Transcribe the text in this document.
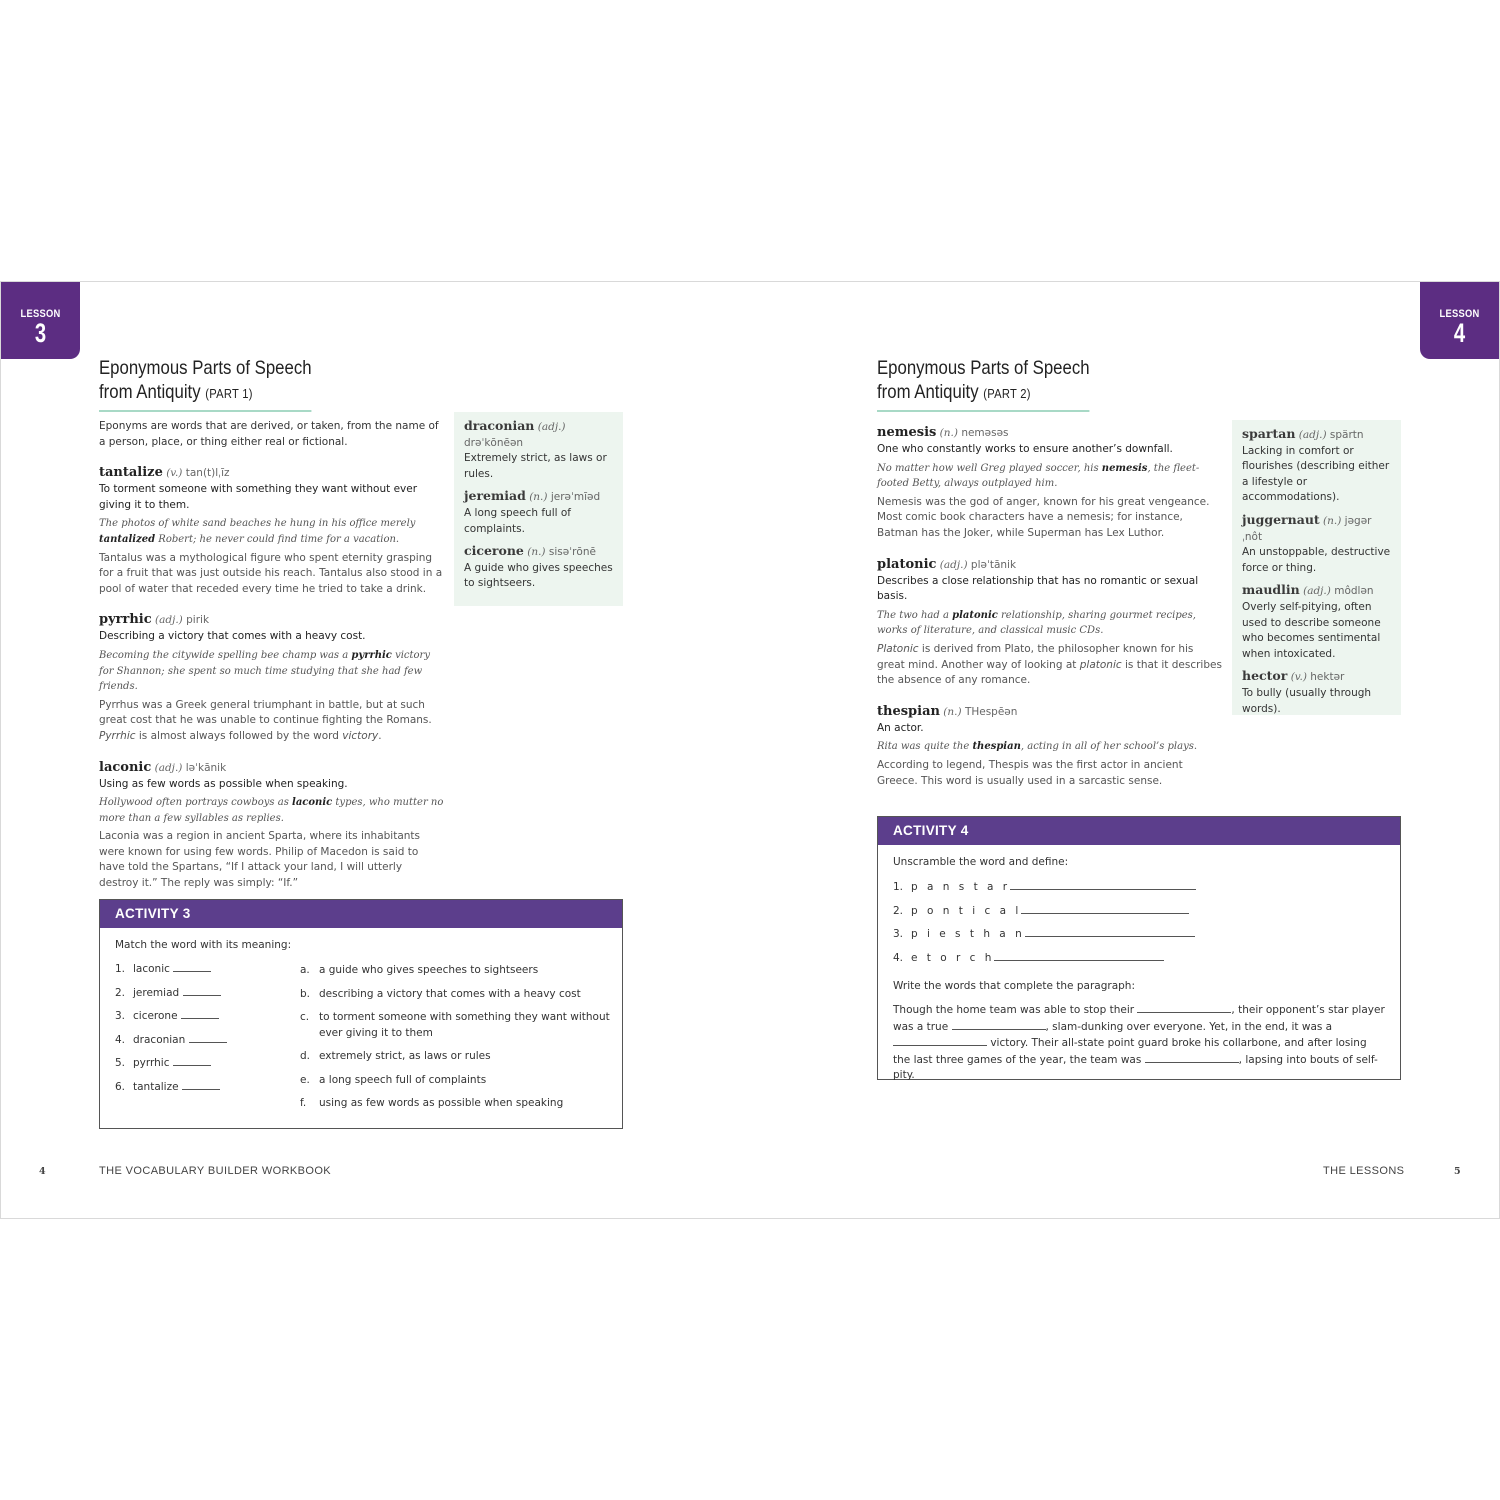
LESSON
3
Eponymous Parts of Speech
from Antiquity (PART 1)
Eponyms are words that are derived, or taken, from the name of a person, place, or thing either real or fictional.
tantalize (v.) tan(t)lˌīz
To torment someone with something they want without ever giving it to them.
The photos of white sand beaches he hung in his office merely tantalized Robert; he never could find time for a vacation.
Tantalus was a mythological figure who spent eternity grasping for a fruit that was just outside his reach. Tantalus also stood in a pool of water that receded every time he tried to take a drink.
pyrrhic (adj.) pirik
Describing a victory that comes with a heavy cost.
Becoming the citywide spelling bee champ was a pyrrhic victory for Shannon; she spent so much time studying that she had few friends.
Pyrrhus was a Greek general triumphant in battle, but at such great cost that he was unable to continue fighting the Romans. Pyrrhic is almost always followed by the word victory.
laconic (adj.) ləˈkānik
Using as few words as possible when speaking.
Hollywood often portrays cowboys as laconic types, who mutter no more than a few syllables as replies.
Laconia was a region in ancient Sparta, where its inhabitants were known for using few words. Philip of Macedon is said to have told the Spartans, “If I attack your land, I will utterly destroy it.” The reply was simply: “If.”
draconian (adj.)
drəˈkōnēən
Extremely strict, as laws or rules.
jeremiad (n.) jerəˈmīəd
A long speech full of complaints.
cicerone (n.) sisəˈrōnē
A guide who gives speeches to sightseers.
ACTIVITY 3
Match the word with its meaning:
1. laconic
2. jeremiad
3. cicerone
4. draconian
5. pyrrhic
6. tantalize
a. a guide who gives speeches to sightseers
b. describing a victory that comes with a heavy cost
c. to torment someone with something they want without ever giving it to them
d. extremely strict, as laws or rules
e. a long speech full of complaints
f.	using as few words as possible when speaking
4	THE VOCABULARY BUILDER WORKBOOK
LESSON
4
Eponymous Parts of Speech
from Antiquity (PART 2)
nemesis (n.) neməsəs
One who constantly works to ensure another’s downfall.
No matter how well Greg played soccer, his nemesis, the fleet-footed Betty, always outplayed him.
Nemesis was the god of anger, known for his great vengeance. Most comic book characters have a nemesis; for instance, Batman has the Joker, while Superman has Lex Luthor.
platonic (adj.) pləˈtānik
Describes a close relationship that has no romantic or sexual basis.
The two had a platonic relationship, sharing gourmet recipes, works of literature, and classical music CDs.
Platonic is derived from Plato, the philosopher known for his great mind. Another way of looking at platonic is that it describes the absence of any romance.
thespian (n.) THespēən
An actor.
Rita was quite the thespian, acting in all of her school’s plays.
According to legend, Thespis was the first actor in ancient Greece. This word is usually used in a sarcastic sense.
spartan (adj.) spärtn
Lacking in comfort or flourishes (describing either a lifestyle or accommodations).
juggernaut (n.) jəgərˌnôt
An unstoppable, destructive force or thing.
maudlin (adj.) môdlən
Overly self-pitying, often used to describe someone who becomes sentimental when intoxicated.
hector (v.) hektər
To bully (usually through words).
ACTIVITY 4
Unscramble the word and define:
1. p a n s t a r
2. p o n t i c a l
3. p i e s t h a n
4. e t o r c h
Write the words that complete the paragraph:
Though the home team was able to stop their	, their opponent’s star player was a true	, slam-dunking over everyone. Yet, in the end, it was a  victory. Their all-state point guard broke his collarbone, and after losing the last three games of the year, the team was	, lapsing into bouts of self-pity.
THE LESSONS	5
